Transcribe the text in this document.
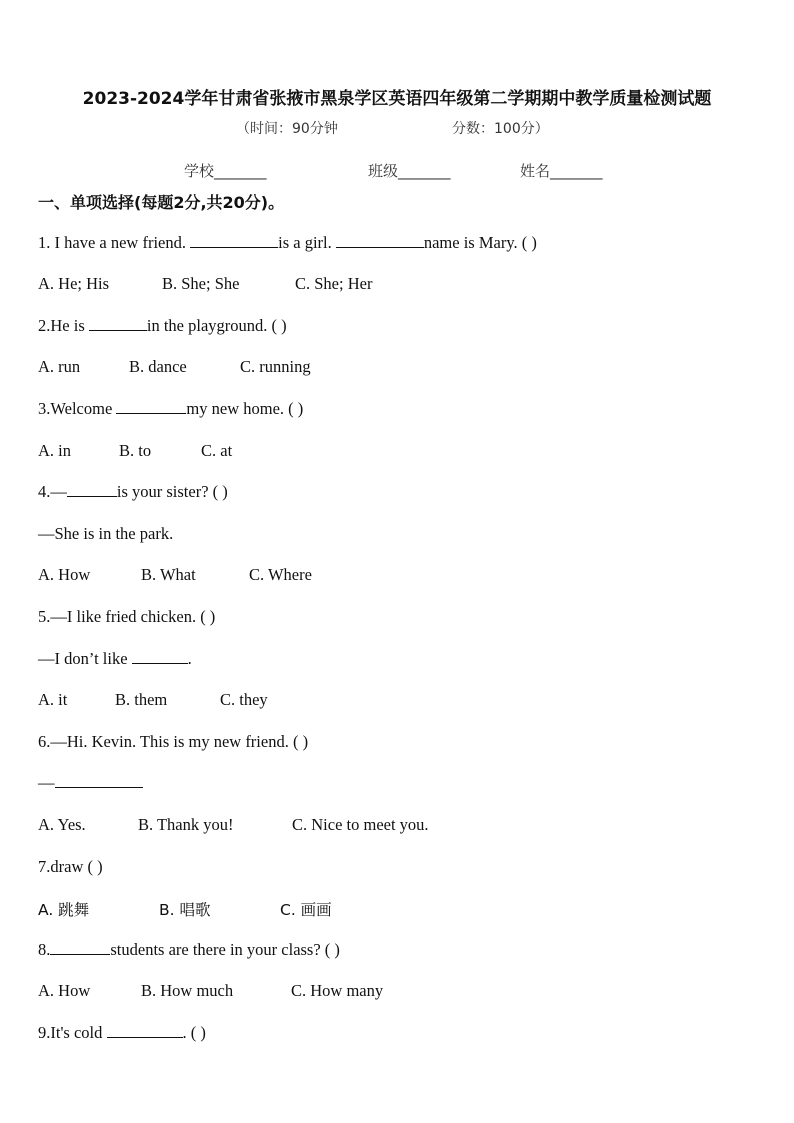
2023-2024学年甘肃省张掖市黑泉学区英语四年级第二学期期中教学质量检测试题
（时间：90分钟	分数：100分）
学校_______	班级_______	姓名_______
一、单项选择(每题2分,共20分)。
1. I have a new friend.	is a girl.	name is Mary. ( )
A. He; His	B. She; She	C. She; Her
2.He is	in the playground. ( )
A. run	B. dance	C. running
3.Welcome	my new home. ( )
A. in	B. to	C. at
4.—	is your sister? ( )
—She is in the park.
A. How	B. What	C. Where
5.—I like fried chicken. ( )
—I don’t like	.
A. it	B. them	C. they
6.—Hi. Kevin. This is my new friend. ( )
—
A. Yes.	B. Thank you!	C. Nice to meet you.
7.draw ( )
A. 跳舞	B. 唱歌	C. 画画
8.	students are there in your class? ( )
A. How	B. How much	C. How many
9.It's cold	. ( )
